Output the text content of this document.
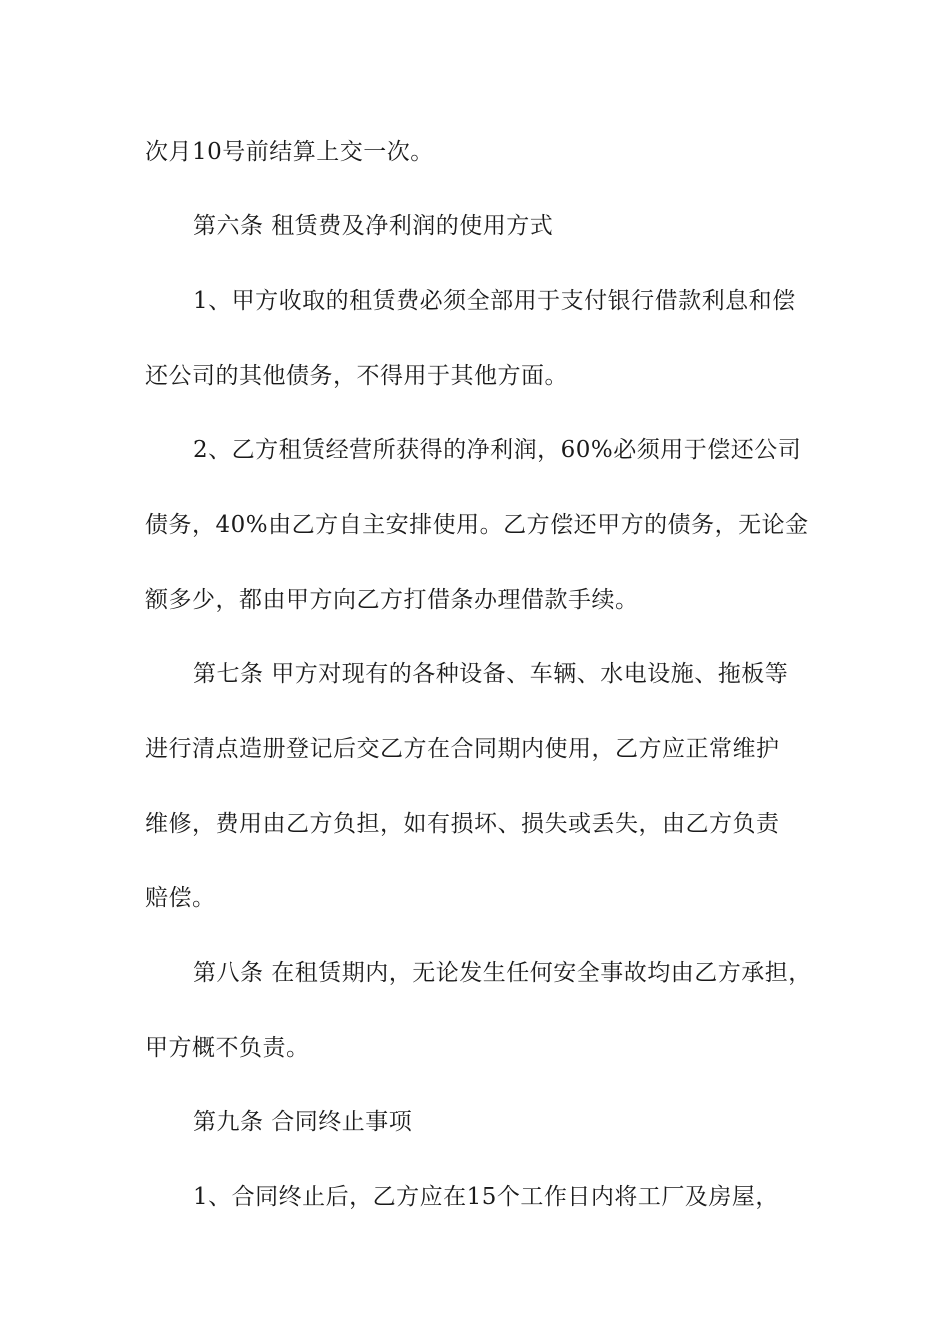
次月10号前结算上交一次。
第六条 租赁费及净利润的使用方式
1、甲方收取的租赁费必须全部用于支付银行借款利息和偿
还公司的其他债务，不得用于其他方面。
2、乙方租赁经营所获得的净利润，60%必须用于偿还公司
债务，40%由乙方自主安排使用。乙方偿还甲方的债务，无论金
额多少，都由甲方向乙方打借条办理借款手续。
第七条 甲方对现有的各种设备、车辆、水电设施、拖板等
进行清点造册登记后交乙方在合同期内使用，乙方应正常维护
维修，费用由乙方负担，如有损坏、损失或丢失，由乙方负责
赔偿。
第八条 在租赁期内，无论发生任何安全事故均由乙方承担，
甲方概不负责。
第九条 合同终止事项
1、合同终止后，乙方应在15个工作日内将工厂及房屋，
